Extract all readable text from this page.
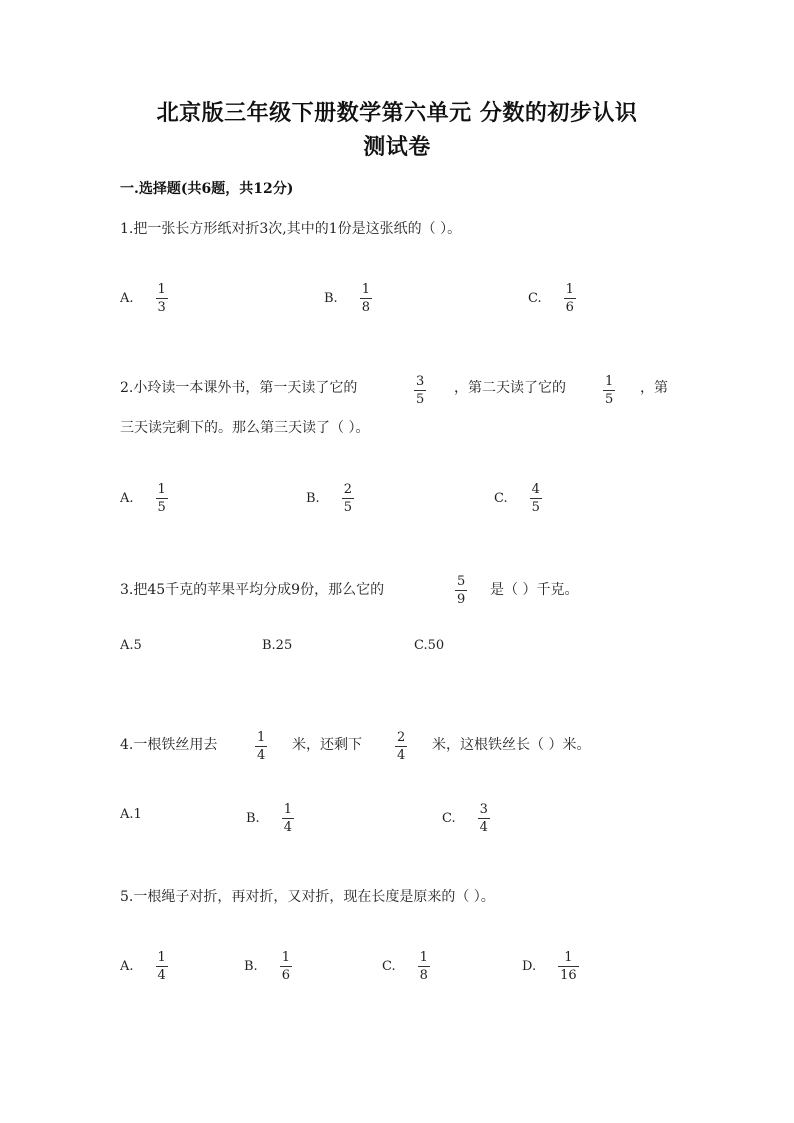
北京版三年级下册数学第六单元 分数的初步认识
测试卷
一.选择题(共6题，共12分)
1.把一张长方形纸对折3次,其中的1份是这张纸的（ ）。
A. $\frac{1}{3}$	B. $\frac{1}{8}$	C. $\frac{1}{6}$
2.小玲读一本课外书，第一天读了它的	3
5
，第二天读了它的	1
5
，第
三天读完剩下的。那么第三天读了（ ）。
A. $\frac{1}{5}$	B. $\frac{2}{5}$	C. $\frac{4}{5}$
3.把45千克的苹果平均分成9份，那么它的
5
9
是（ ）千克。
A.5	B.25	C.50
4.一根铁丝用去	1
4
米，还剩下	2
4
米，这根铁丝长（ ）米。
A.1	B. $\frac{1}{4}$	C. $\frac{3}{4}$
5.一根绳子对折，再对折，又对折，现在长度是原来的（ ）。
A. $\frac{1}{4}$	B. $\frac{1}{6}$	C. $\frac{1}{8}$	D. $\frac{1}{16}$
